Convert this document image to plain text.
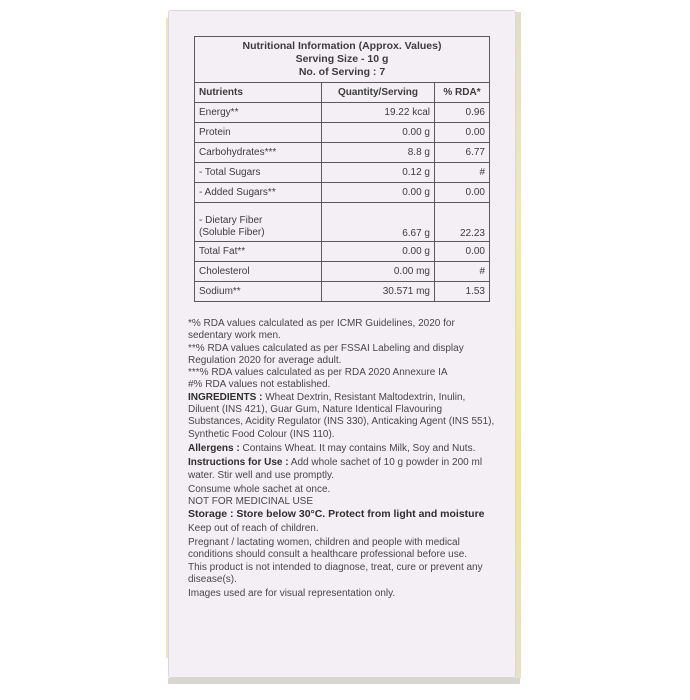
Nutritional Information (Approx. Values)
Serving Size - 10 g
No. of Serving : 7		

Nutrients	Quantity/Serving	% RDA*
Energy**	19.22 kcal	0.96
Protein	0.00 g	0.00
Carbohydrates***	8.8 g	6.77
- Total Sugars	0.12 g	#
- Added Sugars**	0.00 g	0.00

- Dietary Fiber
(Soluble Fiber)	6.67 g	22.23
Total Fat**	0.00 g	0.00
Cholesterol	0.00 mg	#
Sodium**	30.571 mg	1.53

*% RDA values calculated as per ICMR Guidelines, 2020 for sedentary work men.

**% RDA values calculated as per FSSAI Labeling and display Regulation 2020 for average adult.

***% RDA values calculated as per RDA 2020 Annexure IA

#% RDA values not established.

INGREDIENTS : Wheat Dextrin, Resistant Maltodextrin, Inulin, Diluent (INS 421), Guar Gum, Nature Identical Flavouring Substances, Acidity Regulator (INS 330), Anticaking Agent (INS 551), Synthetic Food Colour (INS 110).

Allergens : Contains Wheat. It may contains Milk, Soy and Nuts.

Instructions for Use : Add whole sachet of 10 g powder in 200 ml water. Stir well and use promptly.

Consume whole sachet at once.

NOT FOR MEDICINAL USE

Storage : Store below 30°C. Protect from light and moisture

Keep out of reach of children.

Pregnant / lactating women, children and people with medical conditions should consult a healthcare professional before use.

This product is not intended to diagnose, treat, cure or prevent any disease(s).

Images used are for visual representation only.
